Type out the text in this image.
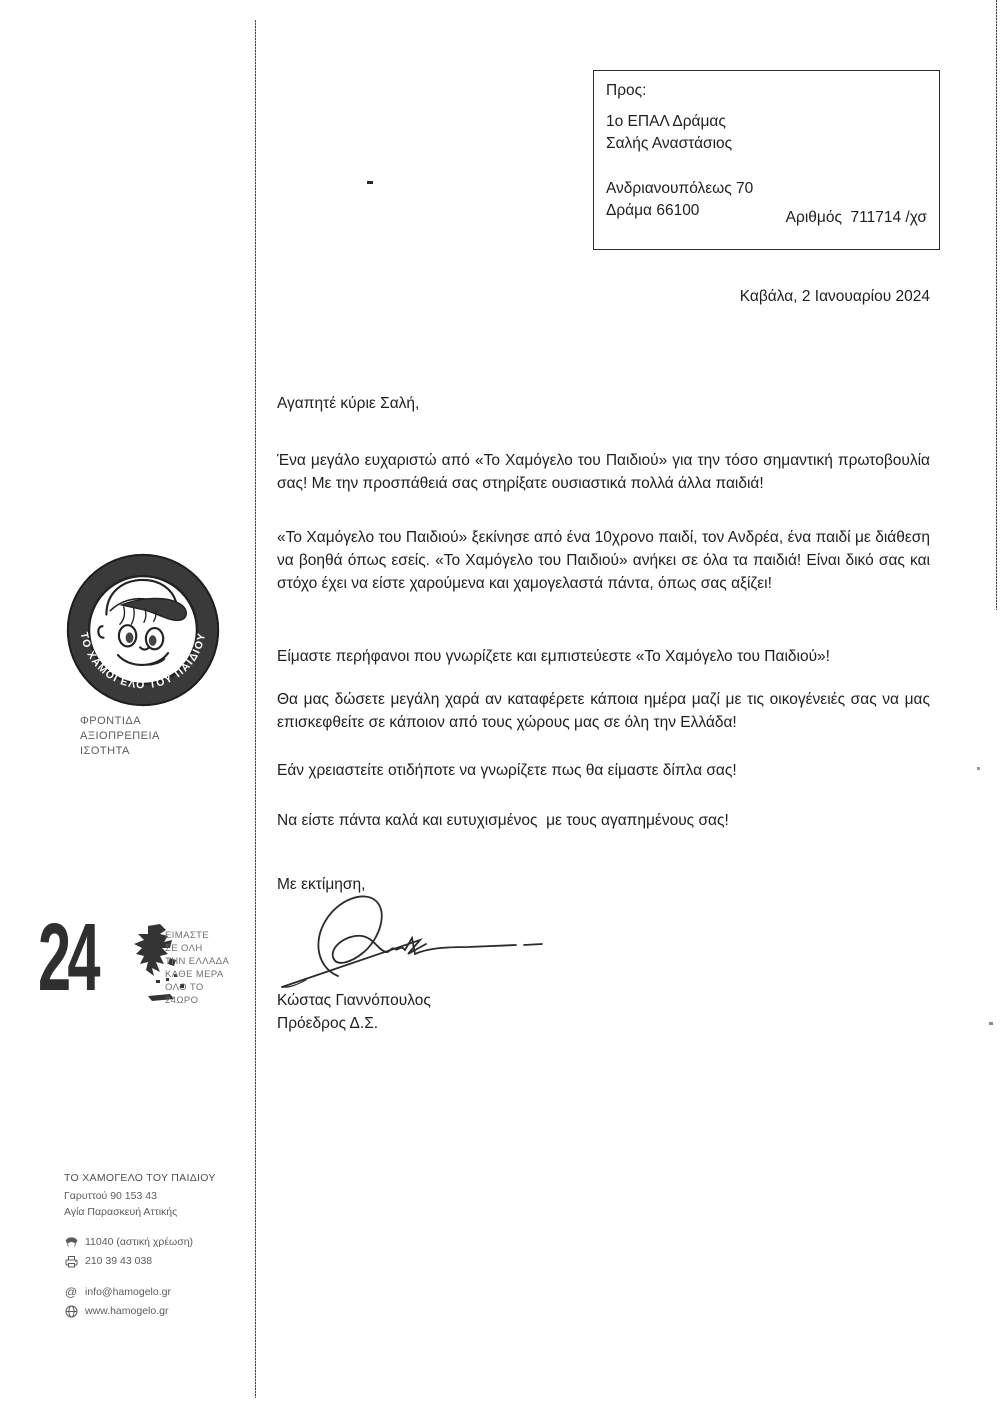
Προς:
1ο ΕΠΑΛ Δράμας
Σαλής Αναστάσιος
Ανδριανουπόλεως 70
Δράμα 66100	Αριθμός  711714 /χσ
Καβάλα, 2 Ιανουαρίου 2024
Αγαπητέ κύριε Σαλή,
Ένα μεγάλο ευχαριστώ από «Το Χαμόγελο του Παιδιού» για την τόσο σημαντική πρωτοβουλία σας! Με την προσπάθειά σας στηρίξατε ουσιαστικά πολλά άλλα παιδιά!
«Το Χαμόγελο του Παιδιού» ξεκίνησε από ένα 10χρονο παιδί, τον Ανδρέα, ένα παιδί με διάθεση να βοηθά όπως εσείς. «Το Χαμόγελο του Παιδιού» ανήκει σε όλα τα παιδιά! Είναι δικό σας και στόχο έχει να είστε χαρούμενα και χαμογελαστά πάντα, όπως σας αξίζει!
Είμαστε περήφανοι που γνωρίζετε και εμπιστεύεστε «Το Χαμόγελο του Παιδιού»!
Θα μας δώσετε μεγάλη χαρά αν καταφέρετε κάποια ημέρα μαζί με τις οικογένειές σας να μας επισκεφθείτε σε κάποιον από τους χώρους μας σε όλη την Ελλάδα!
Εάν χρειαστείτε οτιδήποτε να γνωρίζετε πως θα είμαστε δίπλα σας!
Να είστε πάντα καλά και ευτυχισμένος  με τους αγαπημένους σας!
Με εκτίμηση,
Κώστας Γιαννόπουλος
Πρόεδρος Δ.Σ.
ΤΟ ΧΑΜΟΓΕΛΟ ΤΟΥ ΠΑΙΔΙΟΥ
ΦΡΟΝΤΙΔΑ
ΑΞΙΟΠΡΕΠΕΙΑ
ΙΣΟΤΗΤΑ
24	ΕΙΜΑΣΤΕ
ΣΕ ΟΛΗ
ΤΗΝ ΕΛΛΑΔΑ
ΚΑΘΕ ΜΕΡΑ
ΟΛΟ ΤΟ 24ΩΡΟ
ΤΟ ΧΑΜΟΓΕΛΟ ΤΟΥ ΠΑΙΔΙΟΥ
Γαρυττού 90 153 43
Αγία Παρασκευή Αττικής
11040 (αστική χρέωση)
210 39 43 038
@ info@hamogelo.gr
www.hamogelo.gr
